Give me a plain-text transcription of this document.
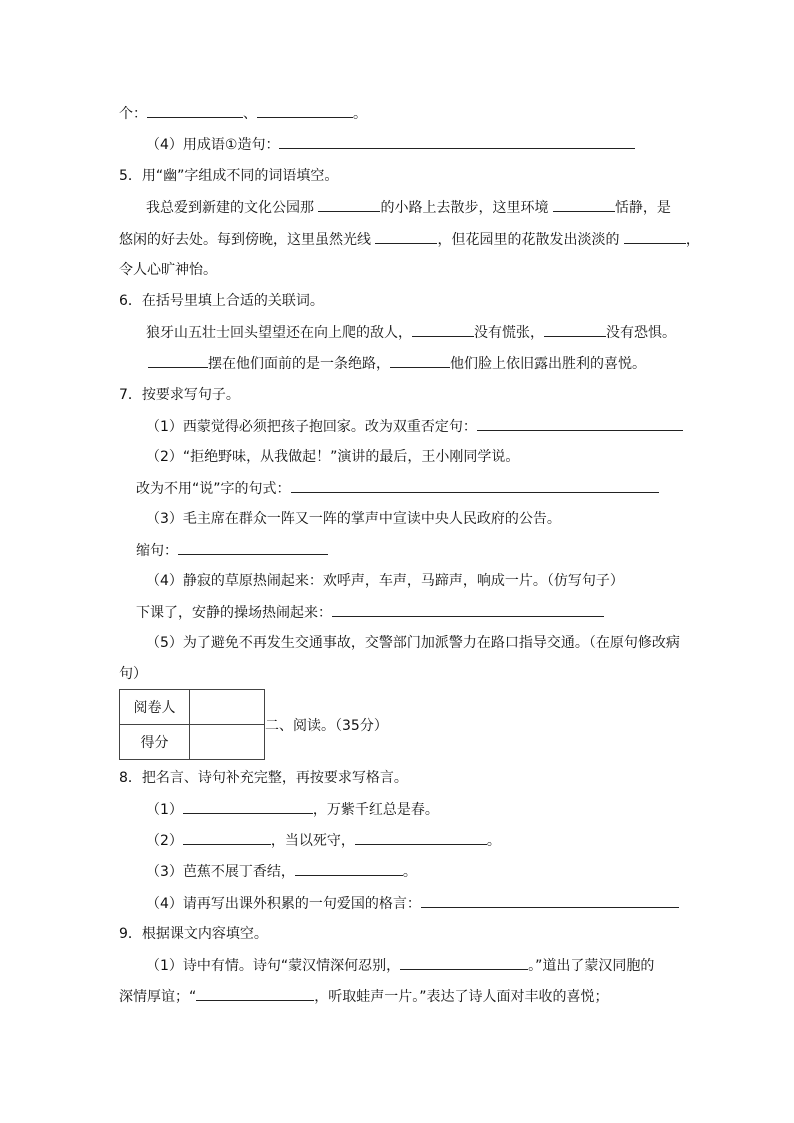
个：	、	。
（4）用成语①造句：
5．用“幽”字组成不同的词语填空。
我总爱到新建的文化公园那	的小路上去散步，这里环境	恬静，是
悠闲的好去处。每到傍晚，这里虽然光线	，但花园里的花散发出淡淡的	，
令人心旷神怡。
6．在括号里填上合适的关联词。
狼牙山五壮士回头望望还在向上爬的敌人，	没有慌张，	没有恐惧。
摆在他们面前的是一条绝路，	他们脸上依旧露出胜利的喜悦。
7．按要求写句子。
（1）西蒙觉得必须把孩子抱回家。改为双重否定句：
（2）“拒绝野味，从我做起！”演讲的最后，王小刚同学说。
改为不用“说”字的句式：
（3）毛主席在群众一阵又一阵的掌声中宣读中央人民政府的公告。
缩句：
（4）静寂的草原热闹起来：欢呼声，车声，马蹄声，响成一片。（仿写句子）
下课了，安静的操场热闹起来：
（5）为了避免不再发生交通事故，交警部门加派警力在路口指导交通。（在原句修改病
句）
阅卷人	
得分	
二、阅读。（35分）
8．把名言、诗句补充完整，再按要求写格言。
（1）	，万紫千红总是春。
（2）	，当以死守，	。
（3）芭蕉不展丁香结，	。
（4）请再写出课外积累的一句爱国的格言：
9．根据课文内容填空。
（1）诗中有情。诗句“蒙汉情深何忍别，	。”道出了蒙汉同胞的
深情厚谊；“	，听取蛙声一片。”表达了诗人面对丰收的喜悦；
